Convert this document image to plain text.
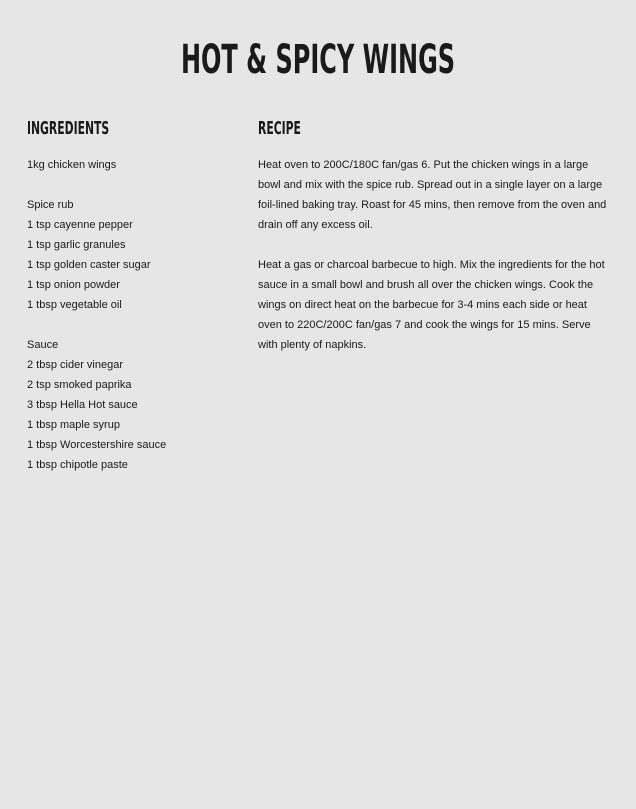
HOT & SPICY WINGS
INGREDIENTS	RECIPE
1kg chicken wings
Spice rub
1 tsp cayenne pepper
1 tsp garlic granules
1 tsp golden caster sugar
1 tsp onion powder
1 tbsp vegetable oil
Sauce
2 tbsp cider vinegar
2 tsp smoked paprika
3 tbsp Hella Hot sauce
1 tbsp maple syrup
1 tbsp Worcestershire sauce
1 tbsp chipotle paste

Heat oven to 200C/180C fan/gas 6. Put the chicken wings in a large bowl and mix with the spice rub. Spread out in a single layer on a large foil-lined baking tray. Roast for 45 mins, then remove from the oven and drain off any excess oil.

Heat a gas or charcoal barbecue to high. Mix the ingredients for the hot sauce in a small bowl and brush all over the chicken wings. Cook the wings on direct heat on the barbecue for 3-4 mins each side or heat oven to 220C/200C fan/gas 7 and cook the wings for 15 mins. Serve with plenty of napkins.
